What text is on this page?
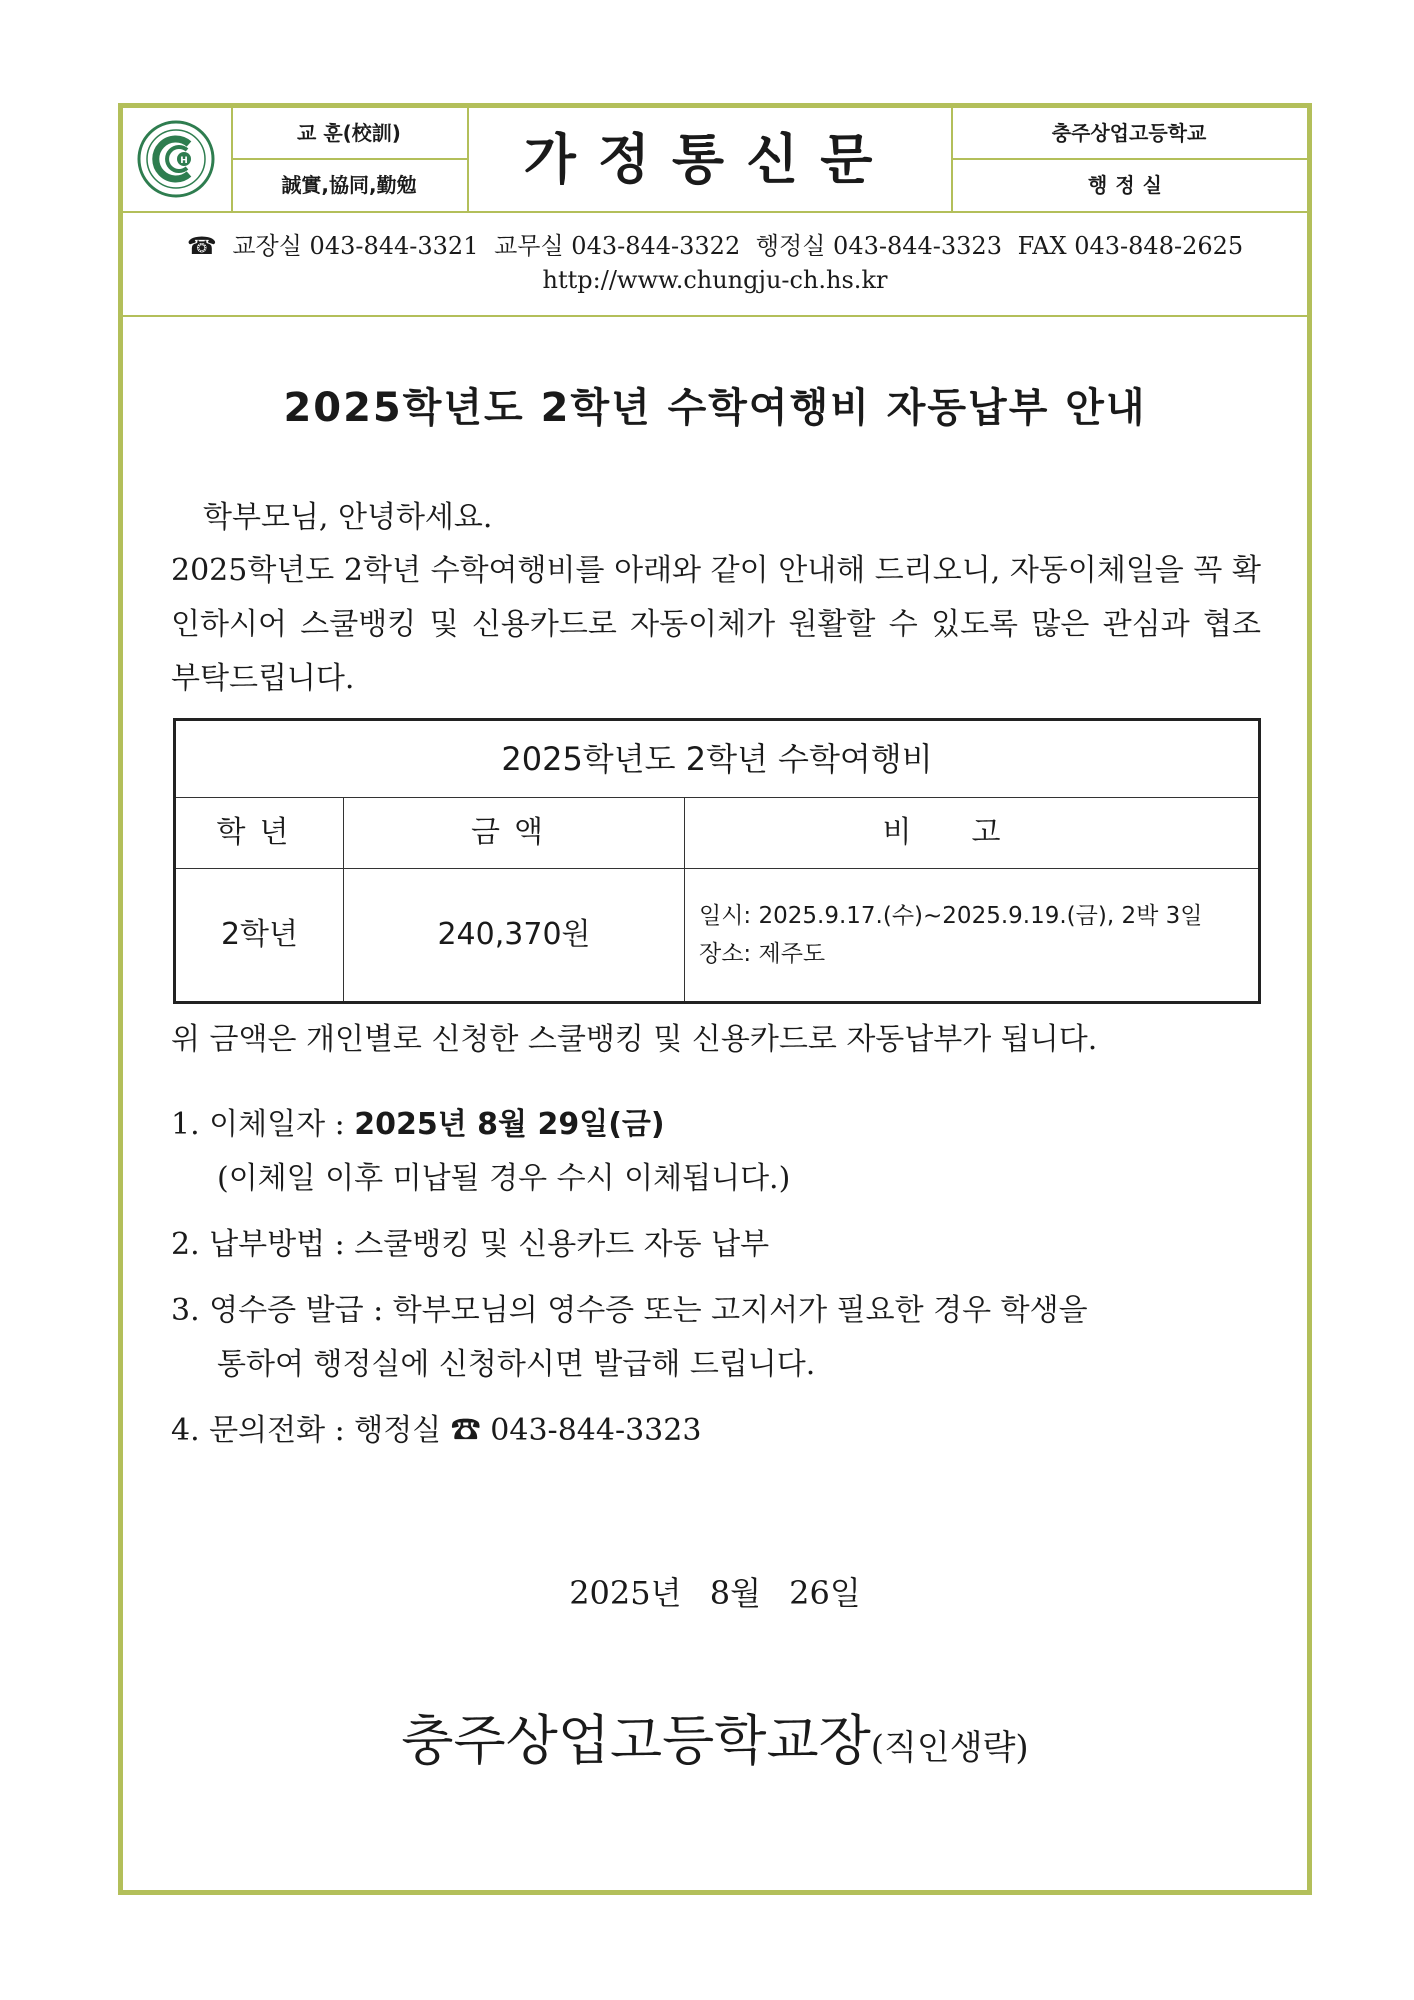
H
교 훈(校訓)
誠實,協同,勤勉	가정통신문	충주상업고등학교
행정실
☎ 교장실 043-844-3321 교무실 043-844-3322 행정실 043-844-3323 FAX 043-848-2625
http://www.chungju-ch.hs.kr
2025학년도 2학년 수학여행비 자동납부 안내
학부모님, 안녕하세요.
2025학년도 2학년 수학여행비를 아래와 같이 안내해 드리오니, 자동이체일을 꼭 확인하시어 스쿨뱅킹 및 신용카드로 자동이체가 원활할 수 있도록 많은 관심과 협조 부탁드립니다.
2025학년도 2학년 수학여행비
학년	금액	비고
2학년	240,370원
일시: 2025.9.17.(수)~2025.9.19.(금), 2박 3일
장소: 제주도
위 금액은 개인별로 신청한 스쿨뱅킹 및 신용카드로 자동납부가 됩니다.
1. 이체일자 : 2025년 8월 29일(금)
(이체일 이후 미납될 경우 수시 이체됩니다.)
2. 납부방법 : 스쿨뱅킹 및 신용카드 자동 납부
3. 영수증 발급 : 학부모님의 영수증 또는 고지서가 필요한 경우 학생을
통하여 행정실에 신청하시면 발급해 드립니다.
4. 문의전화 : 행정실 ☎ 043-844-3323
2025년 8월 26일
충주상업고등학교장(직인생략)
